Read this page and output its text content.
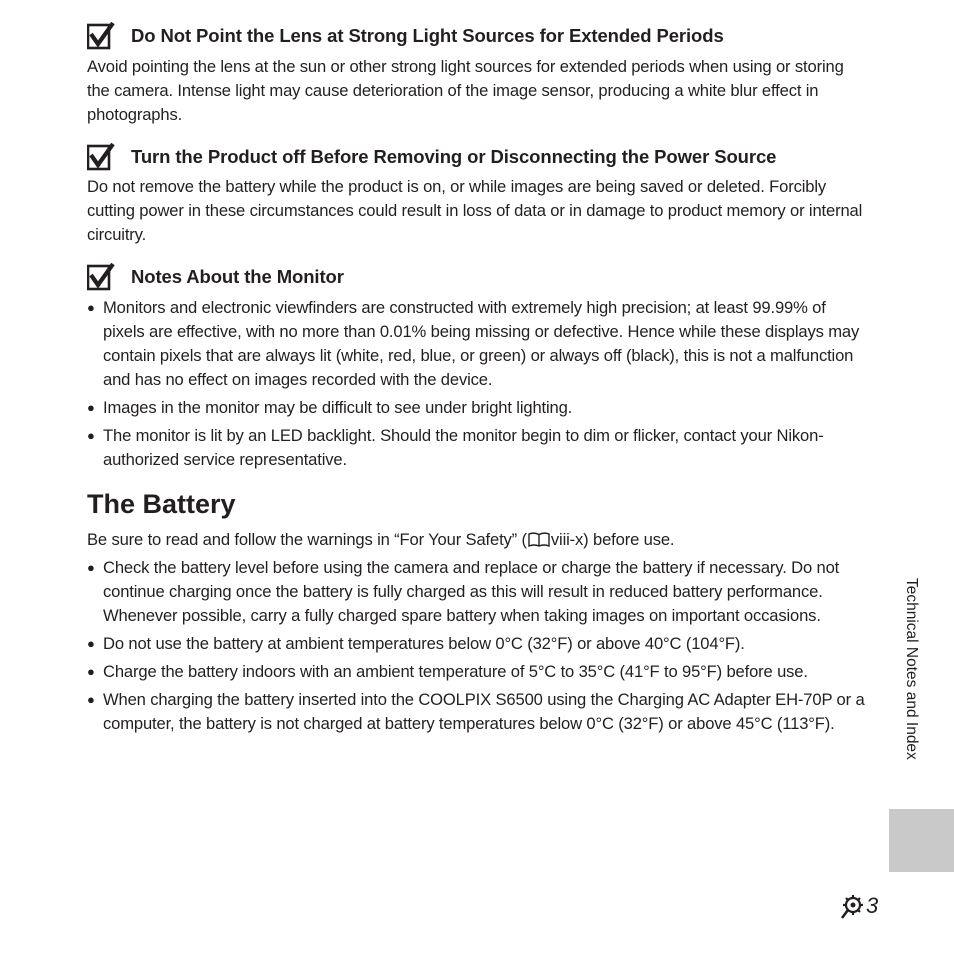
Do Not Point the Lens at Strong Light Sources for Extended Periods

Avoid pointing the lens at the sun or other strong light sources for extended periods when using or storing the camera. Intense light may cause deterioration of the image sensor, producing a white blur effect in photographs.

Turn the Product off Before Removing or Disconnecting the Power Source

Do not remove the battery while the product is on, or while images are being saved or deleted. Forcibly cutting power in these circumstances could result in loss of data or in damage to product memory or internal circuitry.

Notes About the Monitor
● Monitors and electronic viewfinders are constructed with extremely high precision; at least 99.99% of pixels are effective, with no more than 0.01% being missing or defective. Hence while these displays may contain pixels that are always lit (white, red, blue, or green) or always off (black), this is not a malfunction and has no effect on images recorded with the device.
● Images in the monitor may be difficult to see under bright lighting.
● The monitor is lit by an LED backlight. Should the monitor begin to dim or flicker, contact your Nikon-authorized service representative.
The Battery

Be sure to read and follow the warnings in “For Your Safety” ( viii-x) before use.

● Check the battery level before using the camera and replace or charge the battery if necessary. Do not continue charging once the battery is fully charged as this will result in reduced battery performance. Whenever possible, carry a fully charged spare battery when taking images on important occasions.
● Do not use the battery at ambient temperatures below 0°C (32°F) or above 40°C (104°F).
● Charge the battery indoors with an ambient temperature of 5°C to 35°C (41°F to 95°F) before use.
● When charging the battery inserted into the COOLPIX S6500 using the Charging AC Adapter EH-70P or a computer, the battery is not charged at battery temperatures below 0°C (32°F) or above 45°C (113°F).	Technical Notes and Index
3
